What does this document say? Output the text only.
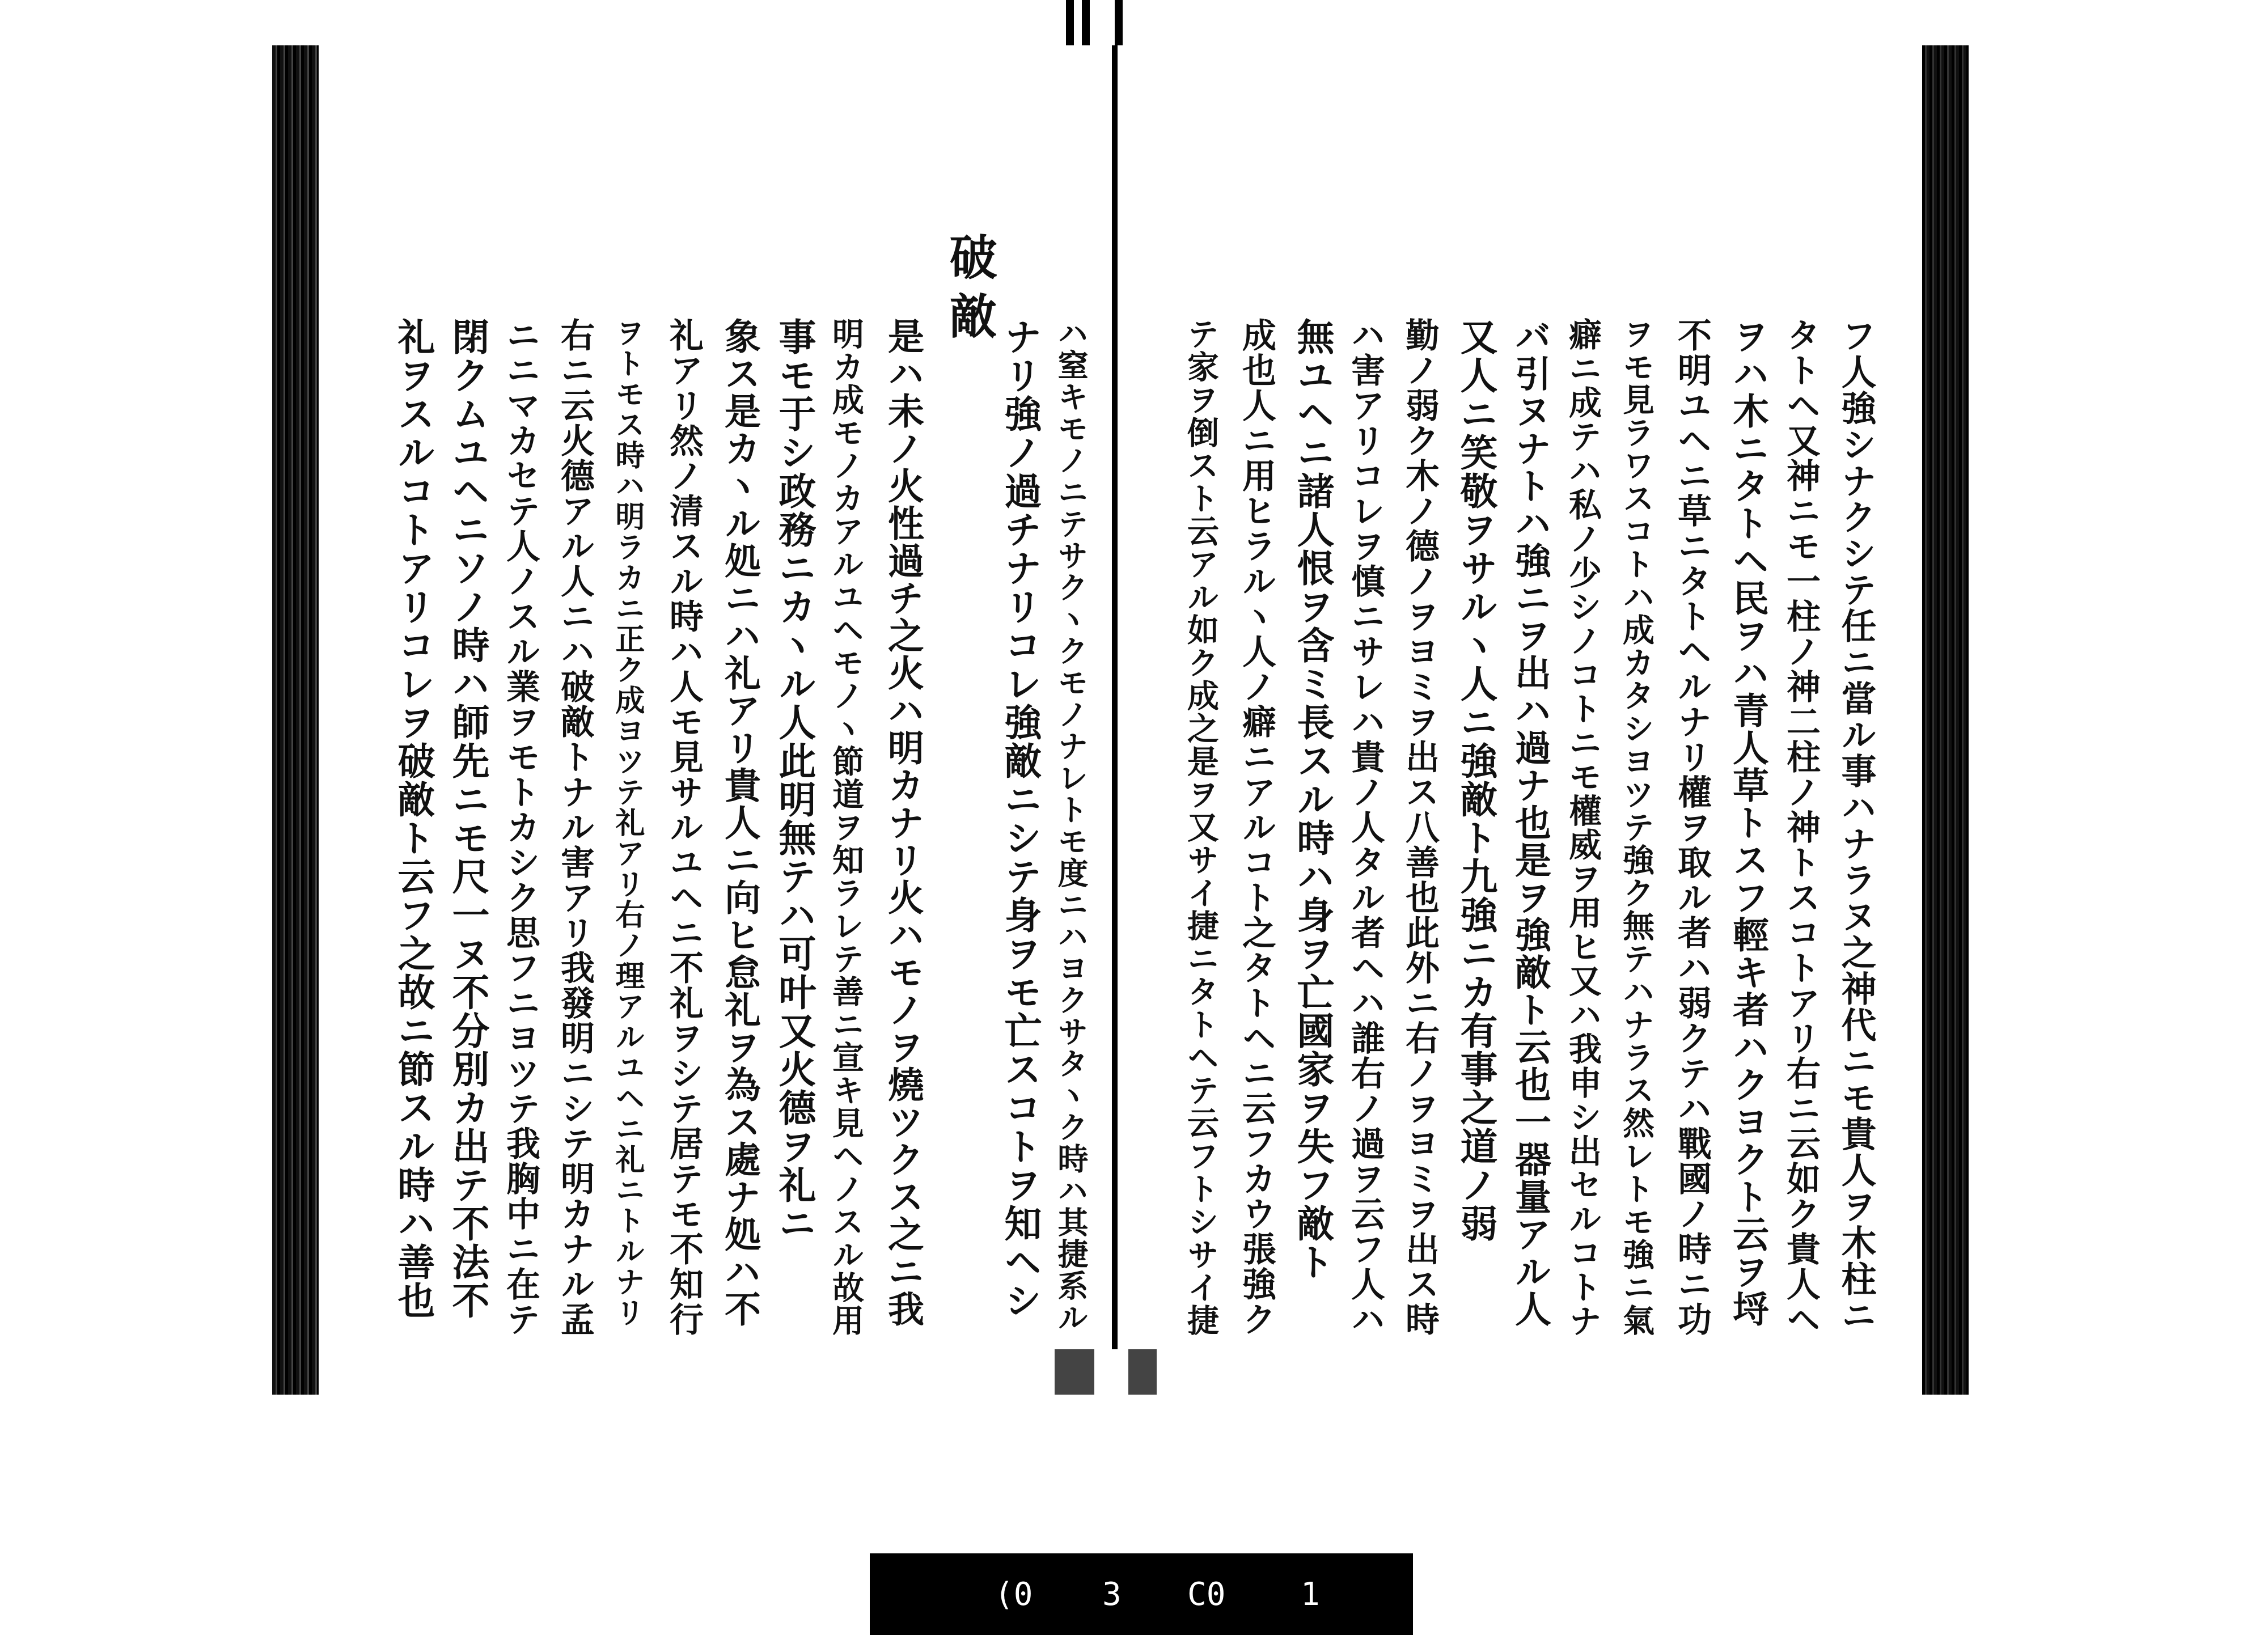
フ人強シナクシテ任ニ當ル事ハナラヌ之神代ニモ貴人ヲ木柱ニ
タトヘ又神ニモ一柱ノ神二柱ノ神トスコトアリ右ニ云如ク貴人ヘ
ヲハ木ニタトヘ民ヲハ青人草トスフ輕キ者ハクヨクト云ヲ埒
不明ユヘニ草ニタトヘルナリ權ヲ取ル者ハ弱クテハ戰國ノ時ニ功
ヲモ見ラワスコトハ成カタシヨツテ強ク無テハナラス然レトモ強ニ氣
癖ニ成テハ私ノ少シノコトニモ權威ヲ用ヒ又ハ我申シ出セルコトナ
バ引ヌナトハ強ニヲ出ハ過ナ也是ヲ強敵ト云也一器量アル人
又人ニ笑敬ヲサルヽ人ニ強敵ト九強ニカ有事之道ノ弱
勤ノ弱ク木ノ德ノヲヨミヲ出ス八善也此外ニ右ノヲヨミヲ出ス時
ハ害アリコレヲ慎ニサレハ貴ノ人タル者ヘハ誰右ノ過ヲ云フ人ハ
無ユヘニ諸人恨ヲ含ミ長スル時ハ身ヲ亡國家ヲ失フ敵ト
成也人ニ用ヒラルヽ人ノ癖ニアルコト之タトヘニ云フカウ張強ク
テ家ヲ倒スト云アル如ク成之是ヲ又サイ捷ニタトヘテ云フトシサイ捷
ハ窒キモノニテサクヽクモノナレトモ度ニハヨクサタヽク時ハ其捷系ル
ナリ強ノ過チナリコレ強敵ニシテ身ヲモ亡スコトヲ知ヘシ
破敵
是ハ未ノ火性過チ之火ハ明カナリ火ハモノヲ燒ツクス之ニ我
明カ成モノカアルユヘモノヽ節道ヲ知ラレテ善ニ宣キ見ヘノスル故用
事モ于シ政務ニカヽル人此明無テハ可叶又火德ヲ礼ニ
象ス是カヽル処ニハ礼アリ貴人ニ向ヒ怠礼ヲ為ス處ナ処ハ不
礼アリ然ノ清スル時ハ人モ見サルユヘニ不礼ヲシテ居テモ不知行
ヲトモス時ハ明ラカニ正ク成ヨツテ礼アリ右ノ理アルユヘニ礼ニトルナリ
右ニ云火德アル人ニハ破敵トナル害アリ我發明ニシテ明カナル孟
ニニマカセテ人ノスル業ヲモトカシク思フニヨツテ我胸中ニ在テ
閉クムユヘニソノ時ハ師先ニモ尺一ヌ不分別カ出テ不法不
礼ヲスルコトアリコレヲ破敵ト云フ之故ニ節スル時ハ善也
(0 3 C0 1
